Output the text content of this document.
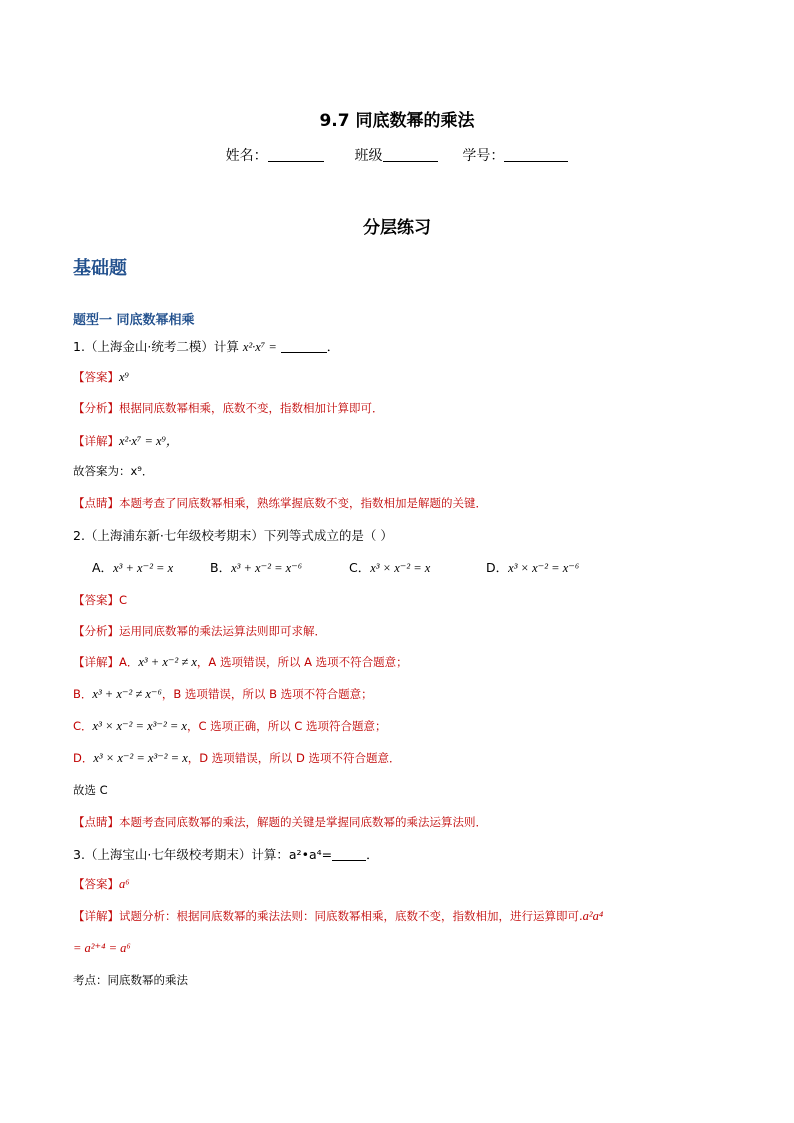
9.7 同底数幂的乘法
姓名：	班级	学号：
分层练习
基础题
题型一 同底数幂相乘
1.（上海金山·统考二模）计算 x²·x⁷ =	．
【答案】x⁹
【分析】根据同底数幂相乘，底数不变，指数相加计算即可．
【详解】x²·x⁷ = x⁹，
故答案为：x⁹．
【点睛】本题考查了同底数幂相乘，熟练掌握底数不变，指数相加是解题的关键．
2.（上海浦东新·七年级校考期末）下列等式成立的是（ ）
A．x³ + x⁻² = x	B．x³ + x⁻² = x⁻⁶	C．x³ × x⁻² = x	D．x³ × x⁻² = x⁻⁶
【答案】C
【分析】运用同底数幂的乘法运算法则即可求解．
【详解】A．x³ + x⁻² ≠ x，A 选项错误，所以 A 选项不符合题意；
B．x³ + x⁻² ≠ x⁻⁶，B 选项错误，所以 B 选项不符合题意；
C．x³ × x⁻² = x³⁻² = x，C 选项正确，所以 C 选项符合题意；
D．x³ × x⁻² = x³⁻² = x，D 选项错误，所以 D 选项不符合题意．
故选 C
【点睛】本题考查同底数幂的乘法，解题的关键是掌握同底数幂的乘法运算法则．
3.（上海宝山·七年级校考期末）计算：a²•a⁴=	．
【答案】a⁶
【详解】试题分析：根据同底数幂的乘法法则：同底数幂相乘，底数不变，指数相加，进行运算即可.a²a⁴
= a²⁺⁴ = a⁶
考点：同底数幂的乘法
